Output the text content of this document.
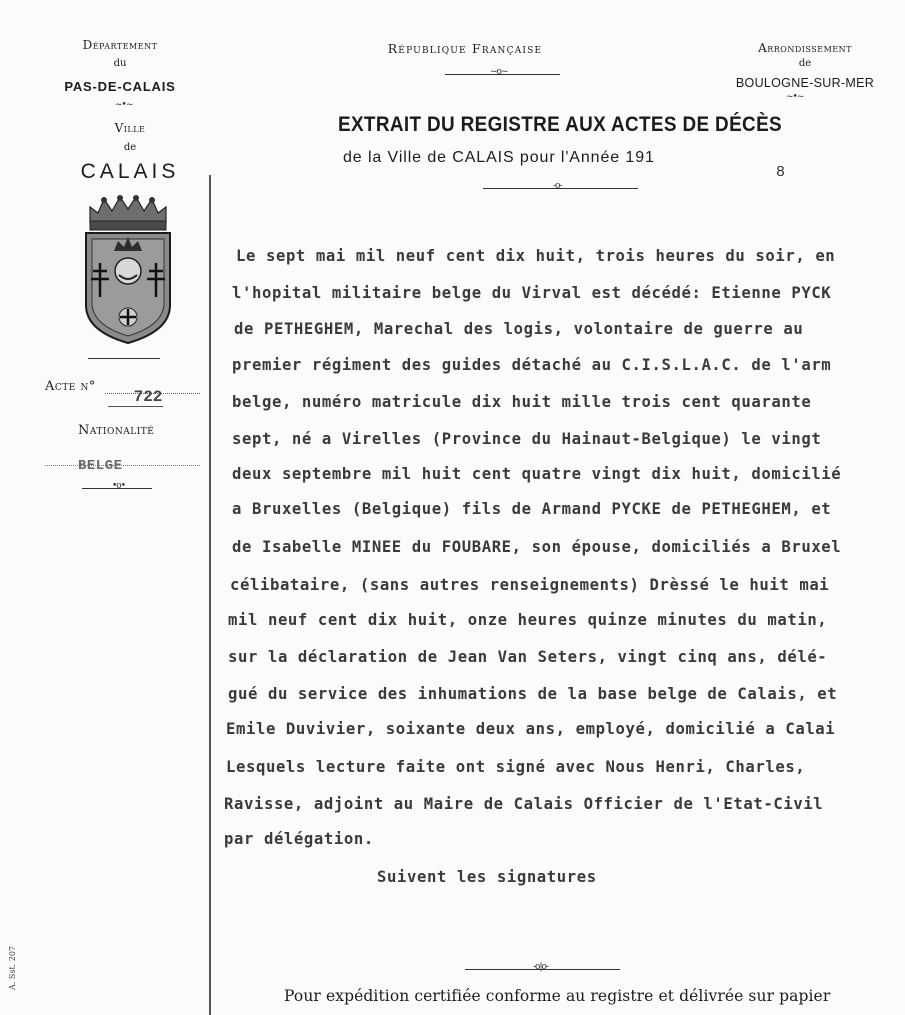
Département
du
PAS-DE-CALAIS
~•~
Ville
de
CALAIS
Acte n°
722
Nationalité
BELGE
•o•
République Française
~o~
EXTRAIT DU REGISTRE AUX ACTES DE DÉCÈS
de la Ville de CALAIS pour l'Année 191
8
-o-
Arrondissement
de
BOULOGNE-SUR-MER
~•~
Le sept mai mil neuf cent dix huit, trois heures du soir, en
l'hopital militaire belge du Virval est décédé: Etienne PYCK
de PETHEGHEM, Marechal des logis, volontaire de guerre au
premier régiment des guides détaché au C.I.S.L.A.C. de l'arm
belge, numéro matricule dix huit mille trois cent quarante
sept, né a Virelles (Province du Hainaut-Belgique) le vingt
deux septembre mil huit cent quatre vingt dix huit, domicilié
a Bruxelles (Belgique) fils de Armand PYCKE de PETHEGHEM, et
de Isabelle MINEE du FOUBARE, son épouse, domiciliés a Bruxel
célibataire, (sans autres renseignements) Drèssé le huit mai
mil neuf cent dix huit, onze heures quinze minutes du matin,
sur la déclaration de Jean Van Seters, vingt cinq ans, délé-
gué du service des inhumations de la base belge de Calais, et
Emile Duvivier, soixante deux ans, employé, domicilié a Calai
Lesquels lecture faite ont signé avec Nous Henri, Charles,
Ravisse, adjoint au Maire de Calais Officier de l'Etat-Civil
par délégation.
Suivent les signatures
-o|o-
Pour expédition certifiée conforme au registre et délivrée sur papier
A. Sst. 207
